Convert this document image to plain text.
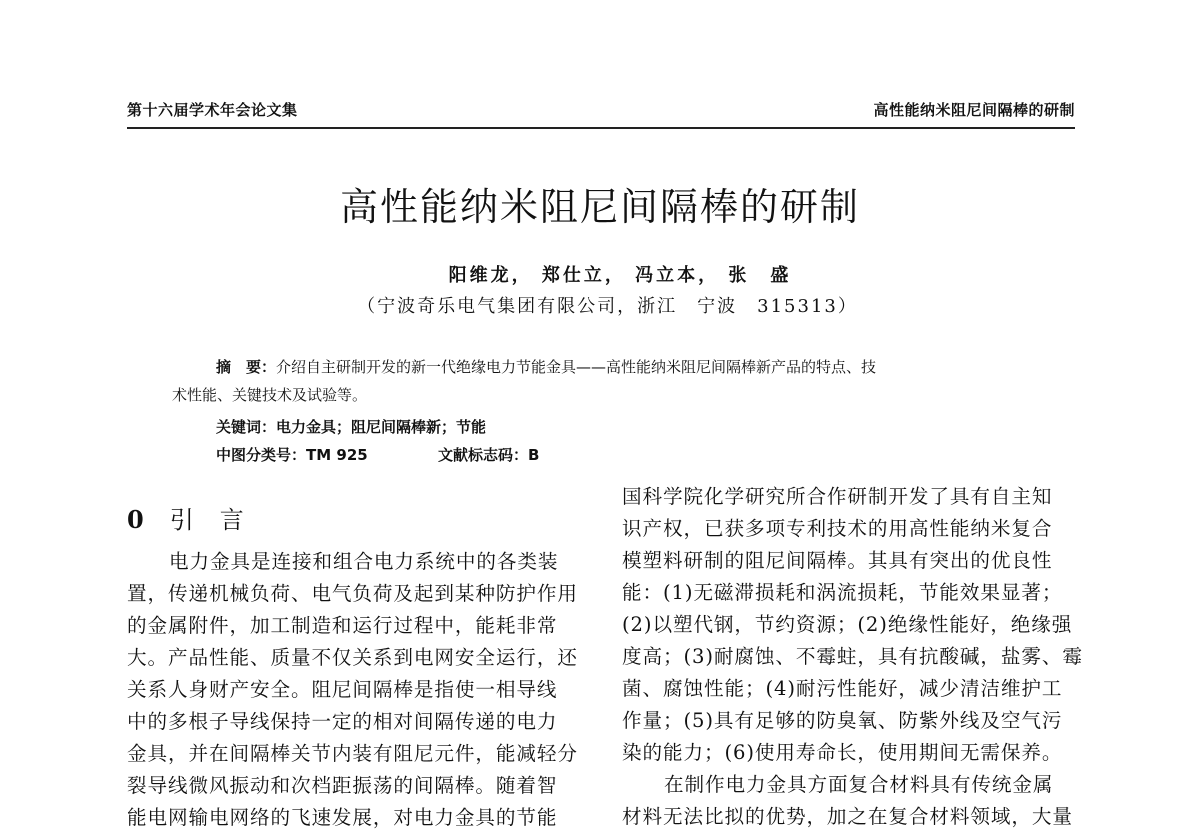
第十六届学术年会论文集	高性能纳米阻尼间隔棒的研制
高性能纳米阻尼间隔棒的研制
阳维龙， 郑仕立， 冯立本， 张　盛
（宁波奇乐电气集团有限公司，浙江　宁波　315313）
摘　要：介绍自主研制开发的新一代绝缘电力节能金具——高性能纳米阻尼间隔棒新产品的特点、技
术性能、关键技术及试验等。
关键词：电力金具；阻尼间隔棒新；节能
中图分类号：TM 925	文献标志码：B
0 引 言
电力金具是连接和组合电力系统中的各类装
置，传递机械负荷、电气负荷及起到某种防护作用
的金属附件，加工制造和运行过程中，能耗非常
大。产品性能、质量不仅关系到电网安全运行，还
关系人身财产安全。阻尼间隔棒是指使一相导线
中的多根子导线保持一定的相对间隔传递的电力
金具，并在间隔棒关节内装有阻尼元件，能减轻分
裂导线微风振动和次档距振荡的间隔棒。随着智
能电网输电网络的飞速发展，对电力金具的节能
国科学院化学研究所合作研制开发了具有自主知
识产权，已获多项专利技术的用高性能纳米复合
模塑料研制的阻尼间隔棒。其具有突出的优良性
能：(1)无磁滞损耗和涡流损耗，节能效果显著；
(2)以塑代钢，节约资源；(2)绝缘性能好，绝缘强
度高；(3)耐腐蚀、不霉蛀，具有抗酸碱，盐雾、霉
菌、腐蚀性能；(4)耐污性能好，减少清洁维护工
作量；(5)具有足够的防臭氧、防紫外线及空气污
染的能力；(6)使用寿命长，使用期间无需保养。
在制作电力金具方面复合材料具有传统金属
材料无法比拟的优势，加之在复合材料领域，大量
